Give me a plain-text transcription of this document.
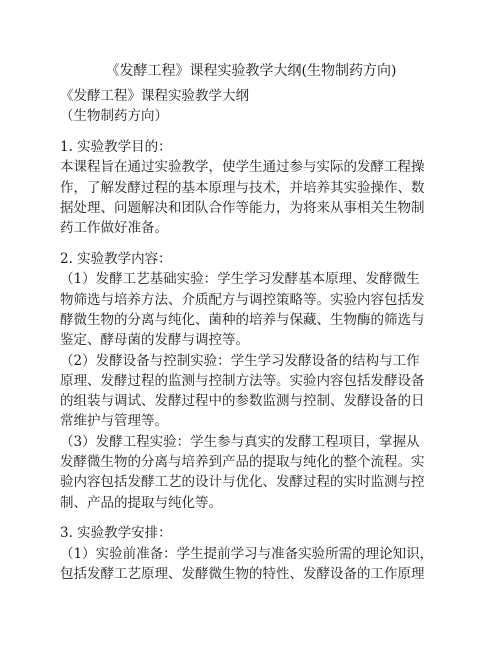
《发酵工程》课程实验教学大纲(生物制药方向)
《发酵工程》课程实验教学大纲
（生物制药方向）
1. 实验教学目的：
本课程旨在通过实验教学，使学生通过参与实际的发酵工程操
作，了解发酵过程的基本原理与技术，并培养其实验操作、数
据处理、问题解决和团队合作等能力，为将来从事相关生物制
药工作做好准备。
2. 实验教学内容：
（1）发酵工艺基础实验：学生学习发酵基本原理、发酵微生
物筛选与培养方法、介质配方与调控策略等。实验内容包括发
酵微生物的分离与纯化、菌种的培养与保藏、生物酶的筛选与
鉴定、酵母菌的发酵与调控等。
（2）发酵设备与控制实验：学生学习发酵设备的结构与工作
原理、发酵过程的监测与控制方法等。实验内容包括发酵设备
的组装与调试、发酵过程中的参数监测与控制、发酵设备的日
常维护与管理等。
（3）发酵工程实验：学生参与真实的发酵工程项目，掌握从
发酵微生物的分离与培养到产品的提取与纯化的整个流程。实
验内容包括发酵工艺的设计与优化、发酵过程的实时监测与控
制、产品的提取与纯化等。
3. 实验教学安排：
（1）实验前准备：学生提前学习与准备实验所需的理论知识，
包括发酵工艺原理、发酵微生物的特性、发酵设备的工作原理
